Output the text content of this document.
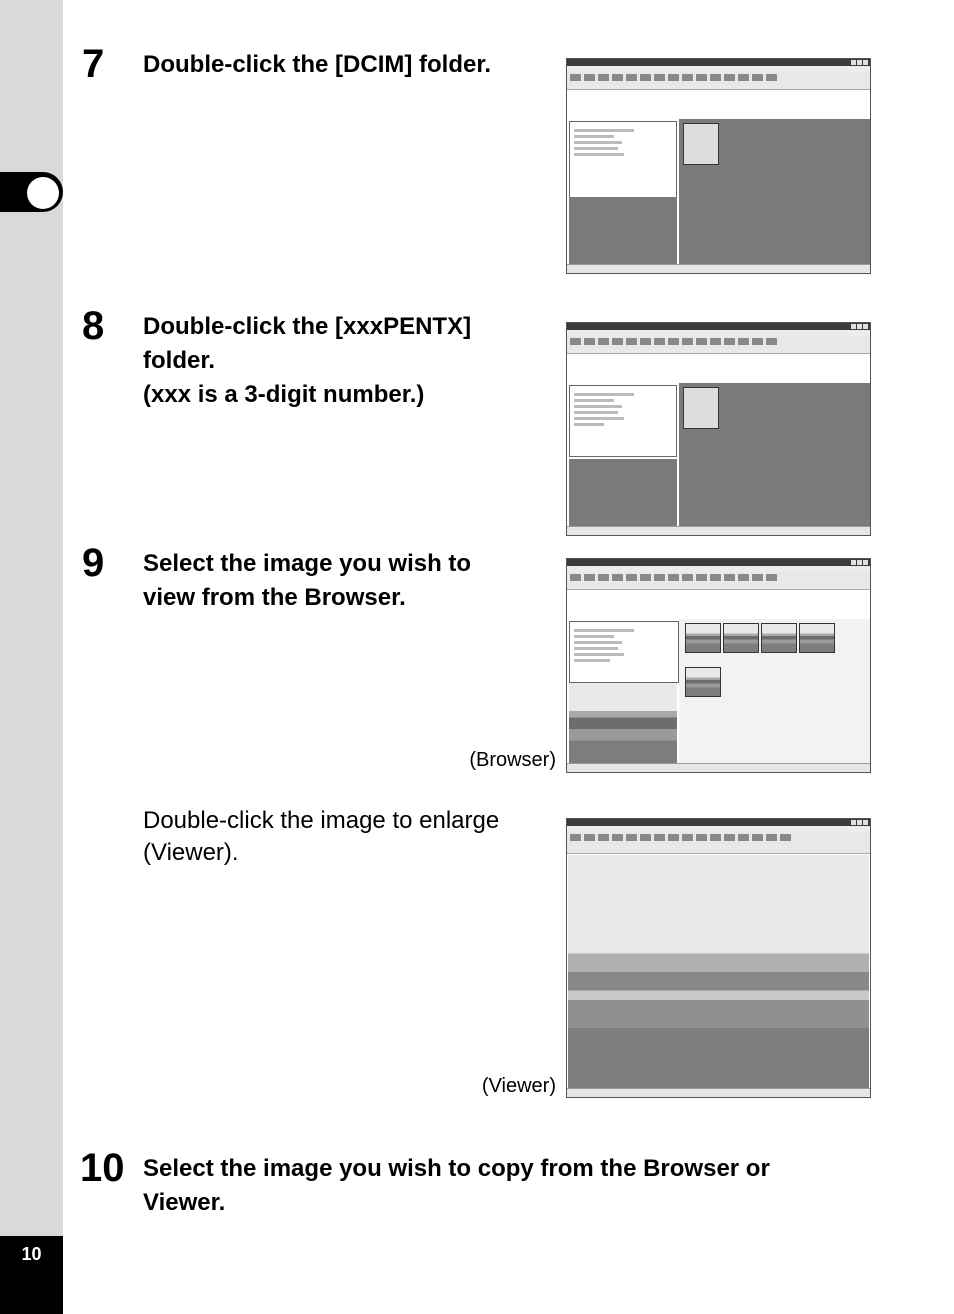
10
7 Double-click the [DCIM] folder.
8 Double-click the [xxxPENTX]
folder.
(xxx is a 3-digit number.)
9 Select the image you wish to
view from the Browser.
(Browser)
Double-click the image to enlarge
(Viewer).
(Viewer)
10 Select the image you wish to copy from the Browser or
Viewer.
